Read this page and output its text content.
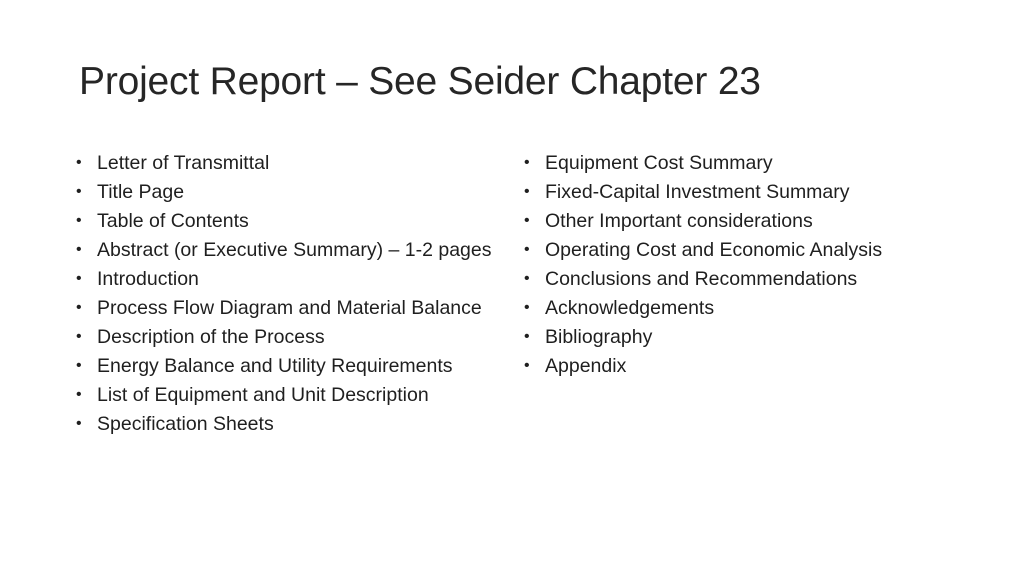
Project Report – See Seider Chapter 23
• Letter of Transmittal
• Title Page
• Table of Contents
• Abstract (or Executive Summary) – 1-2 pages
• Introduction
• Process Flow Diagram and Material Balance
• Description of the Process
• Energy Balance and Utility Requirements
• List of Equipment and Unit Description
• Specification Sheets
• Equipment Cost Summary
• Fixed-Capital Investment Summary
• Other Important considerations
• Operating Cost and Economic Analysis
• Conclusions and Recommendations
• Acknowledgements
• Bibliography
• Appendix
